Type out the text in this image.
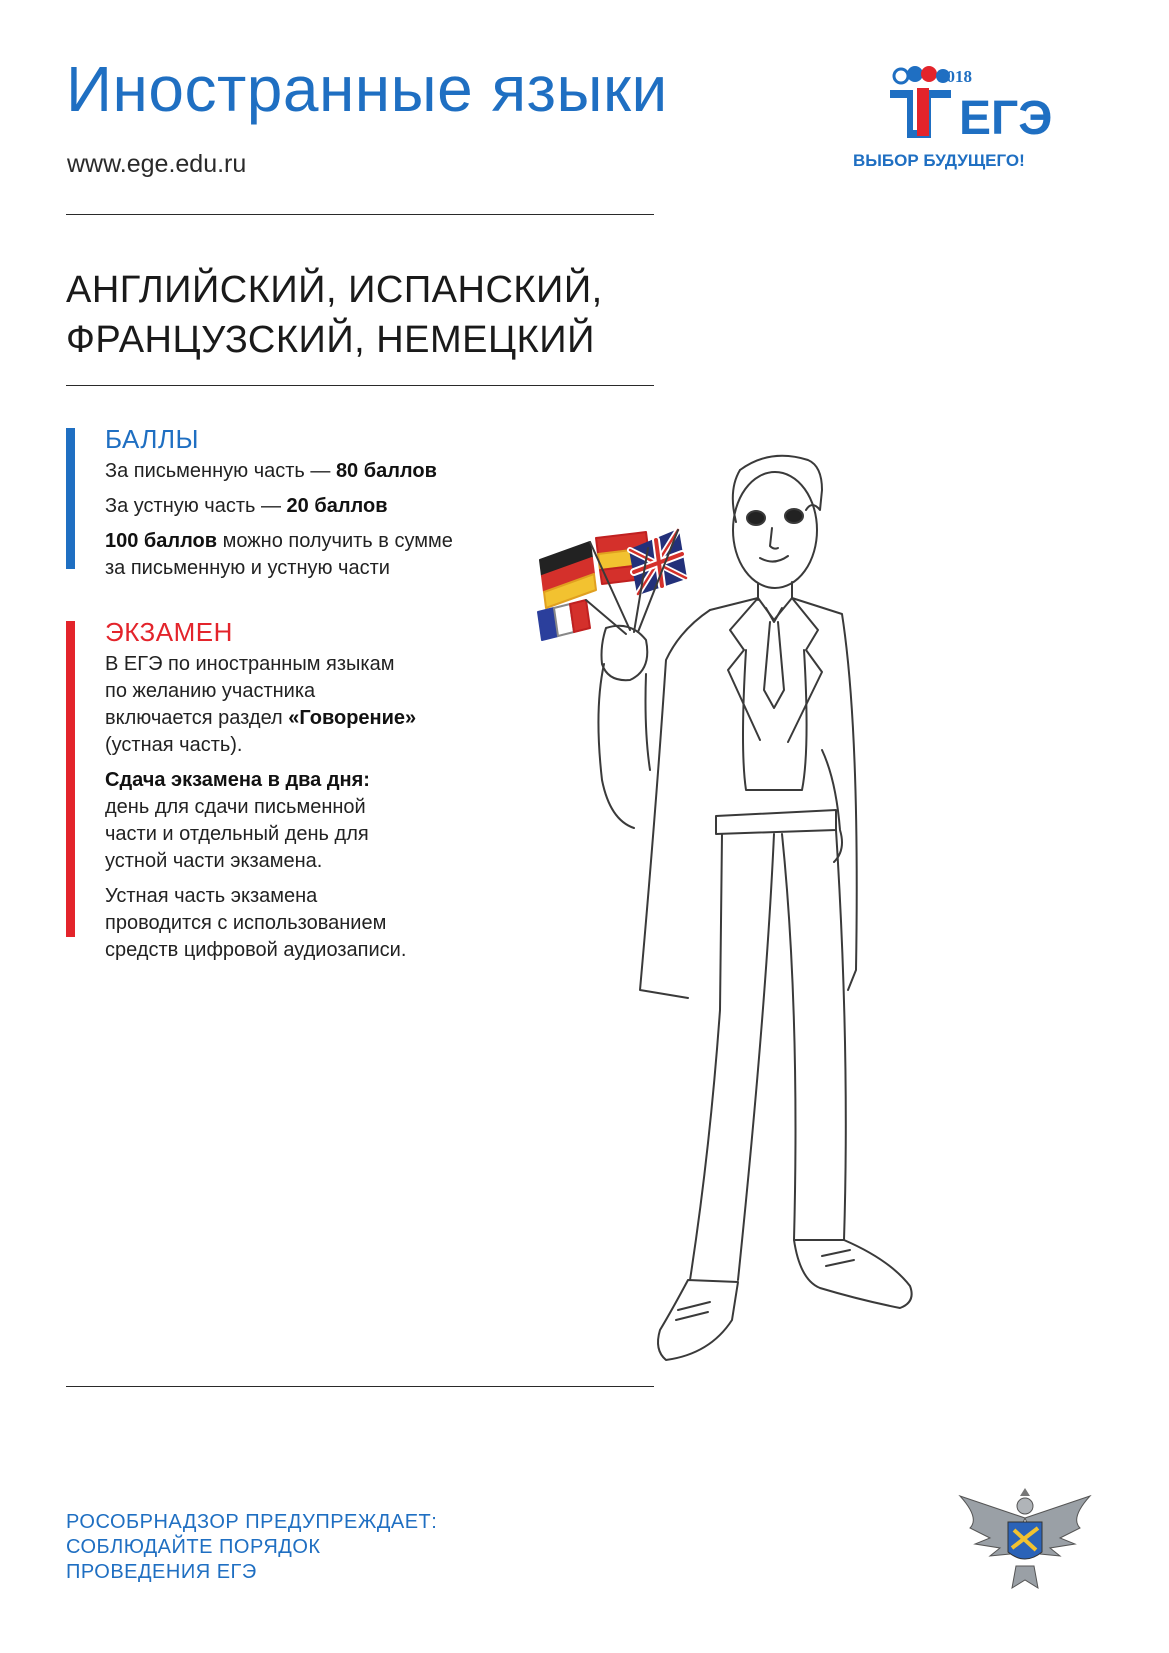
Иностранные языки
www.ege.edu.ru
2018
ЕГЭ
ВЫБОР БУДУЩЕГО!
АНГЛИЙСКИЙ, ИСПАНСКИЙ,
ФРАНЦУЗСКИЙ, НЕМЕЦКИЙ
БАЛЛЫ

За письменную часть — 80 баллов

За устную часть — 20 баллов

100 баллов можно получить в сумме
за письменную и устную части

ЭКЗАМЕН

В ЕГЭ по иностранным языкам
по желанию участника
включается раздел «Говорение»
(устная часть).

Сдача экзамена в два дня:
день для сдачи письменной
части и отдельный день для
устной части экзамена.

Устная часть экзамена
проводится с использованием
средств цифровой аудиозаписи.

РОСОБРНАДЗОР ПРЕДУПРЕЖДАЕТ:
СОБЛЮДАЙТЕ ПОРЯДОК
ПРОВЕДЕНИЯ ЕГЭ
